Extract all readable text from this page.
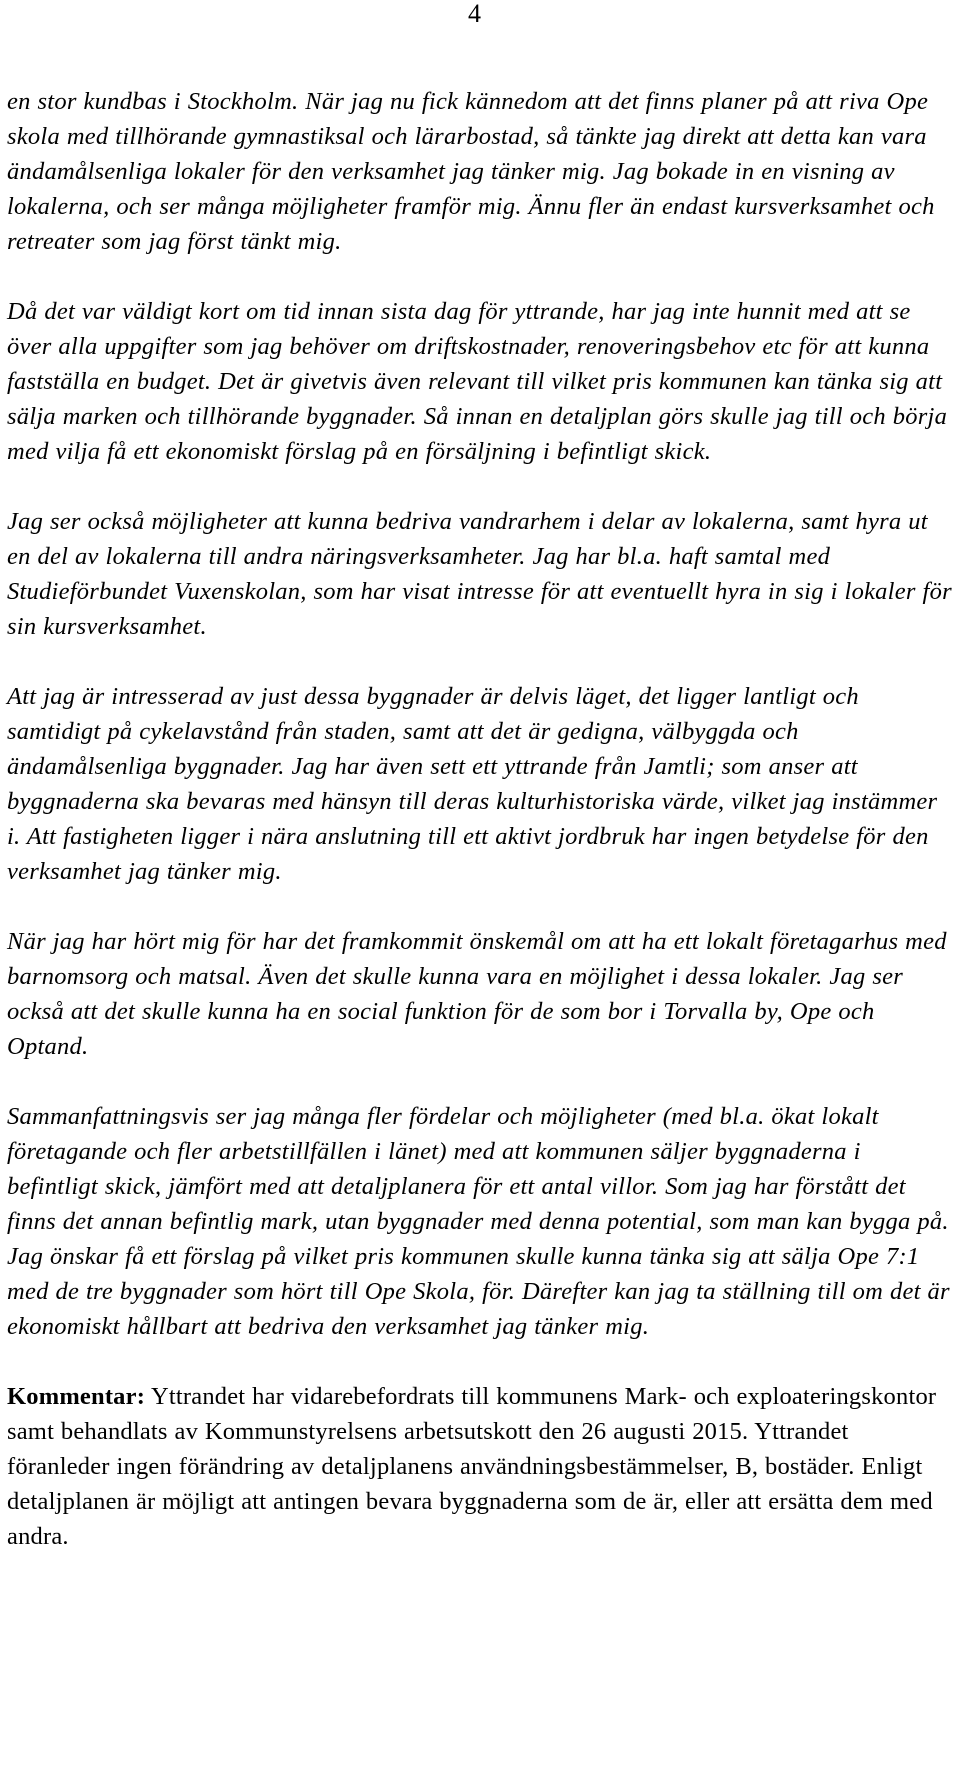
4

en stor kundbas i Stockholm. När jag nu fick kännedom att det finns planer på att riva Ope skola med tillhörande gymnastiksal och lärarbostad, så tänkte jag direkt att detta kan vara ändamålsenliga lokaler för den verksamhet jag tänker mig. Jag bokade in en visning av lokalerna, och ser många möjligheter framför mig. Ännu fler än endast kursverksamhet och retreater som jag först tänkt mig.

Då det var väldigt kort om tid innan sista dag för yttrande, har jag inte hunnit med att se över alla uppgifter som jag behöver om driftskostnader, renoveringsbehov etc för att kunna fastställa en budget. Det är givetvis även relevant till vilket pris kommunen kan tänka sig att sälja marken och tillhörande byggnader. Så innan en detaljplan görs skulle jag till och börja med vilja få ett ekonomiskt förslag på en försäljning i befintligt skick.

Jag ser också möjligheter att kunna bedriva vandrarhem i delar av lokalerna, samt hyra ut en del av lokalerna till andra näringsverksamheter. Jag har bl.a. haft samtal med Studieförbundet Vuxenskolan, som har visat intresse för att eventuellt hyra in sig i lokaler för sin kursverksamhet.

Att jag är intresserad av just dessa byggnader är delvis läget, det ligger lantligt och samtidigt på cykelavstånd från staden, samt att det är gedigna, välbyggda och ändamålsenliga byggnader. Jag har även sett ett yttrande från Jamtli; som anser att byggnaderna ska bevaras med hänsyn till deras kulturhistoriska värde, vilket jag instämmer i. Att fastigheten ligger i nära anslutning till ett aktivt jordbruk har ingen betydelse för den verksamhet jag tänker mig.

När jag har hört mig för har det framkommit önskemål om att ha ett lokalt företagarhus med barnomsorg och matsal. Även det skulle kunna vara en möjlighet i dessa lokaler. Jag ser också att det skulle kunna ha en social funktion för de som bor i Torvalla by, Ope och Optand.

Sammanfattningsvis ser jag många fler fördelar och möjligheter (med bl.a. ökat lokalt företagande och fler arbetstillfällen i länet) med att kommunen säljer byggnaderna i befintligt skick, jämfört med att detaljplanera för ett antal villor. Som jag har förstått det finns det annan befintlig mark, utan byggnader med denna potential, som man kan bygga på. Jag önskar få ett förslag på vilket pris kommunen skulle kunna tänka sig att sälja Ope 7:1 med de tre byggnader som hört till Ope Skola, för. Därefter kan jag ta ställning till om det är ekonomiskt hållbart att bedriva den verksamhet jag tänker mig.

Kommentar: Yttrandet har vidarebefordrats till kommunens Mark- och exploateringskontor samt behandlats av Kommunstyrelsens arbetsutskott den 26 augusti 2015. Yttrandet föranleder ingen förändring av detaljplanens användningsbestämmelser, B, bostäder. Enligt detaljplanen är möjligt att antingen bevara byggnaderna som de är, eller att ersätta dem med andra.
